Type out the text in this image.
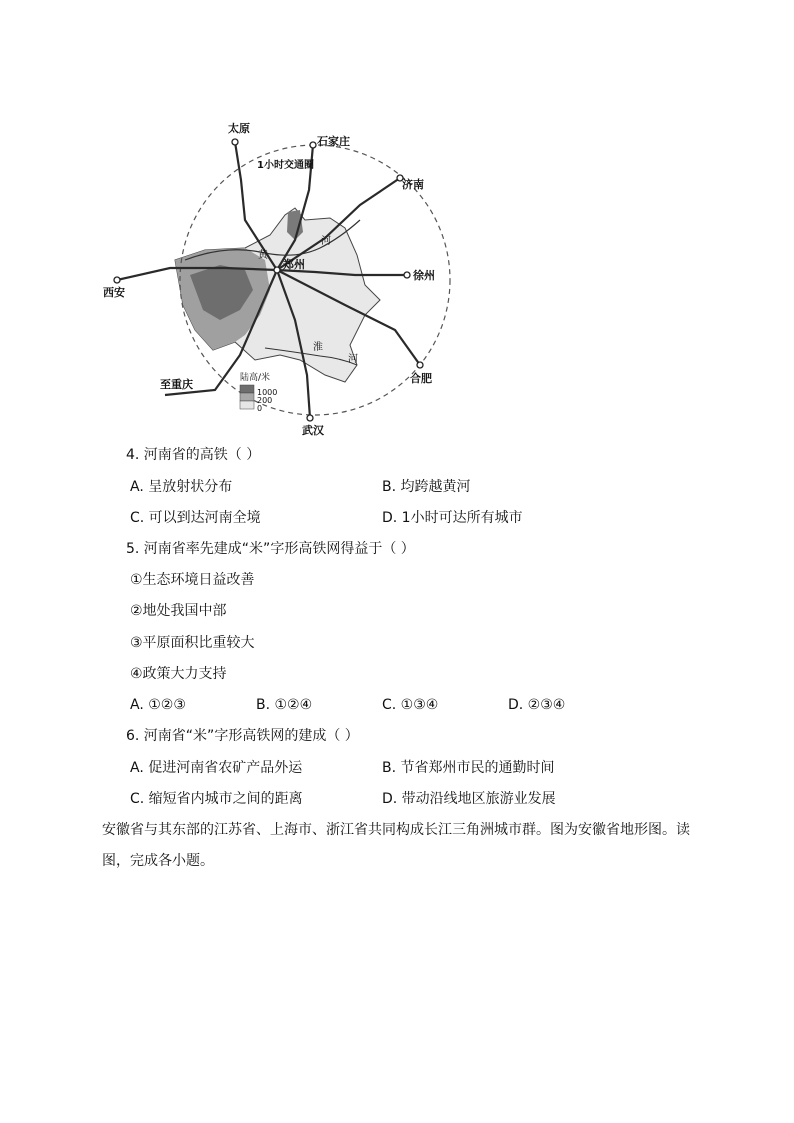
太原
石家庄
济南
西安
徐州
郑州
合肥
武汉
至重庆
1小时交通圈
黄
河
淮
河
陆高/米
1000
200
0
4. 河南省的高铁（ ）
A. 呈放射状分布	B. 均跨越黄河
C. 可以到达河南全境	D. 1小时可达所有城市
5. 河南省率先建成“米”字形高铁网得益于（ ）
①生态环境日益改善
②地处我国中部
③平原面积比重较大
④政策大力支持
A. ①②③	B. ①②④	C. ①③④	D. ②③④
6. 河南省“米”字形高铁网的建成（ ）
A. 促进河南省农矿产品外运	B. 节省郑州市民的通勤时间
C. 缩短省内城市之间的距离	D. 带动沿线地区旅游业发展
安徽省与其东部的江苏省、上海市、浙江省共同构成长江三角洲城市群。图为安徽省地形图。读
图，完成各小题。
